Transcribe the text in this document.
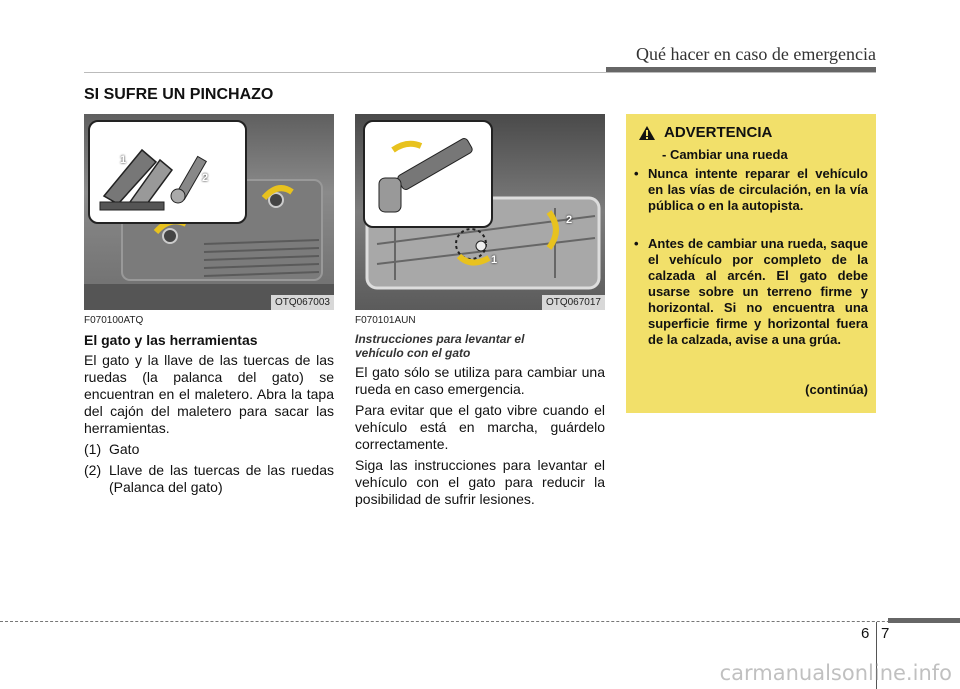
Qué hacer en caso de emergencia
SI SUFRE UN PINCHAZO
1
2
OTQ067003
1
2
OTQ067017
F070100ATQ
El gato y las herramientas

El gato y la llave de las tuercas de las ruedas (la palanca del gato) se encuentran en el maletero. Abra la tapa del cajón del maletero para sacar las herramientas.

(1) Gato
(2) Llave de las tuercas de las ruedas (Palanca del gato)
F070101AUN
Instrucciones para levantar el vehículo con el gato

El gato sólo se utiliza para cambiar una rueda en caso emergencia.

Para evitar que el gato vibre cuando el vehículo está en marcha, guárdelo correctamente.

Siga las instrucciones para levantar el vehículo con el gato para reducir la posibilidad de sufrir lesiones.

ADVERTENCIA
- Cambiar una rueda
• Nunca intente reparar el vehículo en las vías de circulación, en la vía pública o en la autopista.
• Antes de cambiar una rueda, saque el vehículo por completo de la calzada al arcén. El gato debe usarse sobre un terreno firme y horizontal. Si no encuentra una superficie firme y horizontal fuera de la calzada, avise a una grúa.
(continúa)
6 7
carmanualsonline.info
